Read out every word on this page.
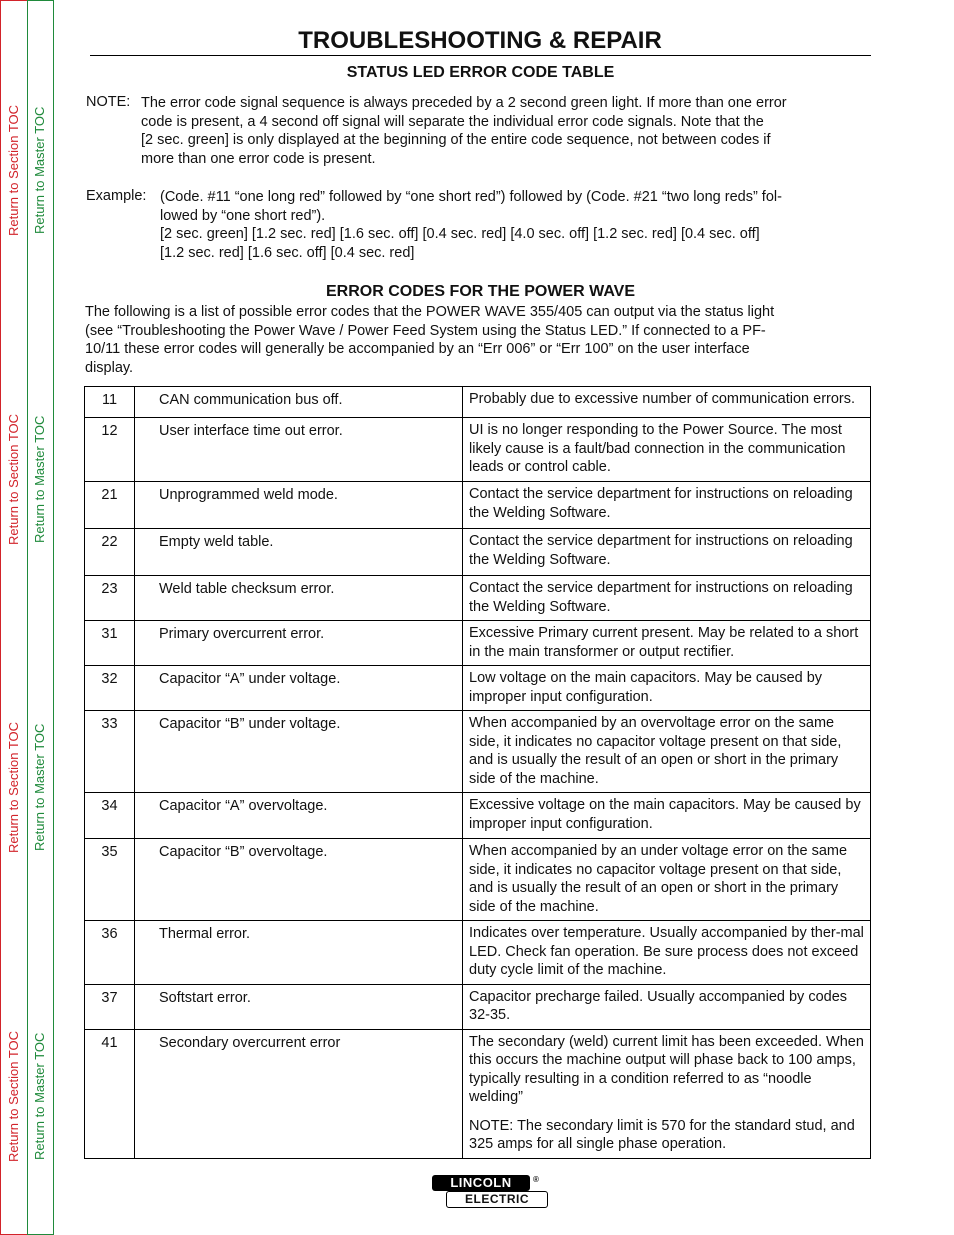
Return to Section TOC
Return to Section TOC
Return to Section TOC
Return to Section TOC
Return to Master TOC
Return to Master TOC
Return to Master TOC
Return to Master TOC
TROUBLESHOOTING & REPAIR
STATUS LED ERROR CODE TABLE
NOTE: The error code signal sequence is always preceded by a 2 second green light. If more than one error
code is present, a 4 second off signal will separate the individual error code signals. Note that the
[2 sec. green] is only displayed at the beginning of the entire code sequence, not between codes if
more than one error code is present.
Example: (Code. #11 “one long red” followed by “one short red”) followed by (Code. #21 “two long reds” fol-
lowed by “one short red”).
[2 sec. green] [1.2 sec. red] [1.6 sec. off] [0.4 sec. red] [4.0 sec. off] [1.2 sec. red] [0.4 sec. off]
[1.2 sec. red] [1.6 sec. off] [0.4 sec. red]
ERROR CODES FOR THE POWER WAVE
The following is a list of possible error codes that the POWER WAVE 355/405 can output via the status light
(see “Troubleshooting the Power Wave / Power Feed System using the Status LED.” If connected to a PF-
10/11 these error codes will generally be accompanied by an “Err 006” or “Err 100” on the user interface
display.
11	CAN communication bus off.	Probably due to excessive number of communication errors.

12	User interface time out error.	UI is no longer responding to the Power Source. The most likely cause is a fault/bad connection in the communication leads or control cable.

21	Unprogrammed weld mode.	Contact the service department for instructions on reloading the Welding Software.

22	Empty weld table.	Contact the service department for instructions on reloading the Welding Software.

23	Weld table checksum error.	Contact the service department for instructions on reloading the Welding Software.

31	Primary overcurrent error.	Excessive Primary current present. May be related to a short in the main transformer or output rectifier.

32	Capacitor “A” under voltage.	Low voltage on the main capacitors. May be caused by improper input configuration.

33	Capacitor “B” under voltage.	When accompanied by an overvoltage error on the same side, it indicates no capacitor voltage present on that side, and is usually the result of an open or short in the primary side of the machine.

34	Capacitor “A” overvoltage.	Excessive voltage on the main capacitors. May be caused by improper input configuration.

35	Capacitor “B” overvoltage.	When accompanied by an under voltage error on the same side, it indicates no capacitor voltage present on that side, and is usually the result of an open or short in the primary side of the machine.

36	Thermal error.	Indicates over temperature. Usually accompanied by ther-mal LED. Check fan operation. Be sure process does not exceed duty cycle limit of the machine.

37	Softstart error.	Capacitor precharge failed. Usually accompanied by codes 32-35.

41	Secondary overcurrent error	The secondary (weld) current limit has been exceeded. When this occurs the machine output will phase back to 100 amps, typically resulting in a condition referred to as “noodle welding”
NOTE: The secondary limit is 570 for the standard stud, and 325 amps for all single phase operation.
LINCOLN	®
ELECTRIC
